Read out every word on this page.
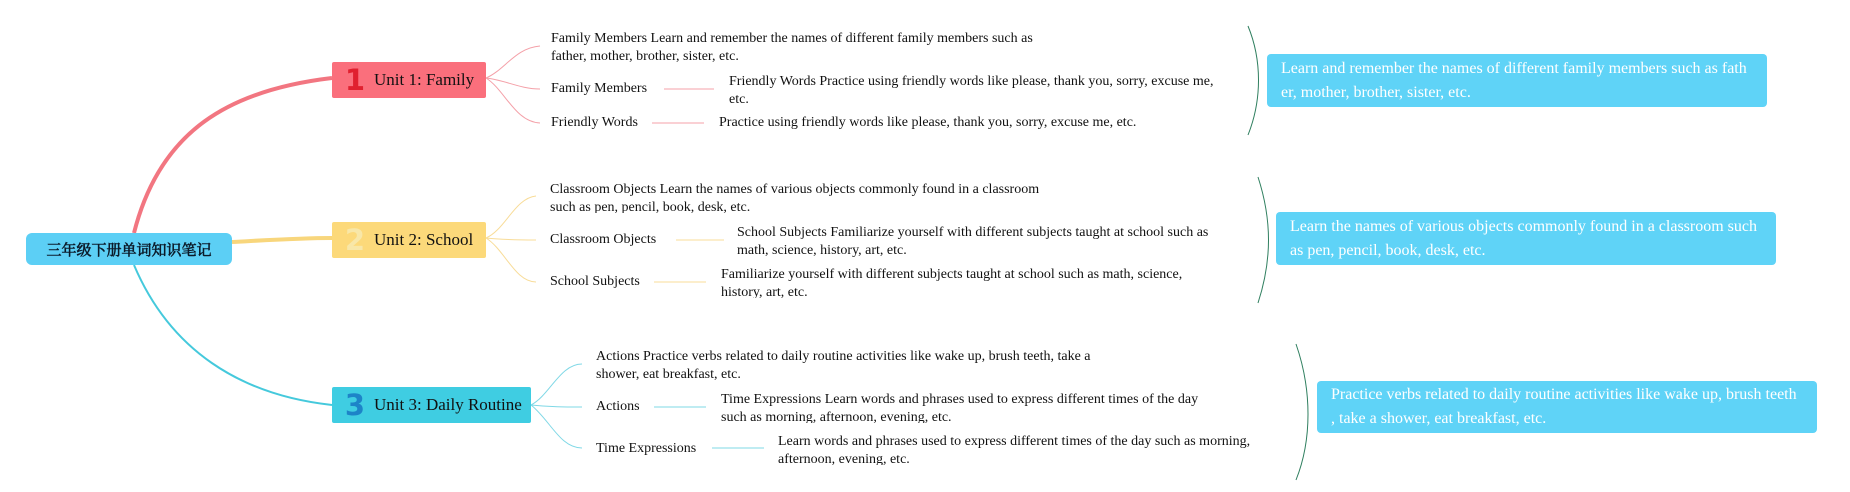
三年级下册单词知识笔记
1 Unit 1: Family
Family Members Learn and remember the names of different family members such as
father, mother, brother, sister, etc.
Family Members	Friendly Words Practice using friendly words like please, thank you, sorry, excuse me,
etc.
Friendly Words	Practice using friendly words like please, thank you, sorry, excuse me, etc.
Learn and remember the names of different family members such as fath
er, mother, brother, sister, etc.
2 Unit 2: School
Classroom Objects Learn the names of various objects commonly found in a classroom
such as pen, pencil, book, desk, etc.
Classroom Objects	School Subjects Familiarize yourself with different subjects taught at school such as
math, science, history, art, etc.
School Subjects	Familiarize yourself with different subjects taught at school such as math, science,
history, art, etc.
Learn the names of various objects commonly found in a classroom such
as pen, pencil, book, desk, etc.
3 Unit 3: Daily Routine
Actions Practice verbs related to daily routine activities like wake up, brush teeth, take a
shower, eat breakfast, etc.
Actions	Time Expressions Learn words and phrases used to express different times of the day
such as morning, afternoon, evening, etc.
Time Expressions	Learn words and phrases used to express different times of the day such as morning,
afternoon, evening, etc.
Practice verbs related to daily routine activities like wake up, brush teeth
, take a shower, eat breakfast, etc.
